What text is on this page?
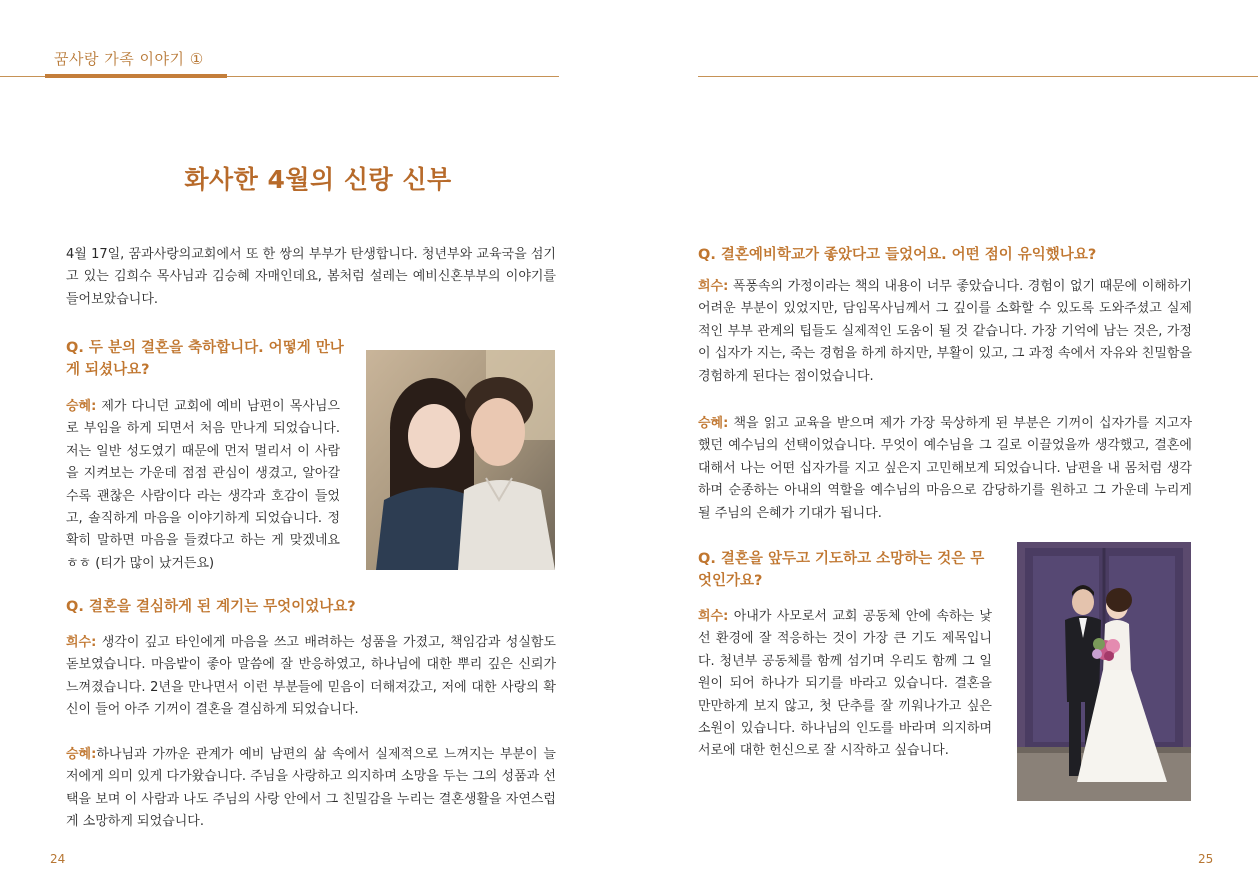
꿈사랑 가족 이야기 ①
화사한 4월의 신랑 신부
4월 17일, 꿈과사랑의교회에서 또 한 쌍의 부부가 탄생합니다. 청년부와 교육국을 섬기고 있는 김희수 목사님과 김승혜 자매인데요, 봄처럼 설레는 예비신혼부부의 이야기를 들어보았습니다.
Q. 두 분의 결혼을 축하합니다. 어떻게 만나게 되셨나요?
승혜: 제가 다니던 교회에 예비 남편이 목사님으로 부임을 하게 되면서 처음 만나게 되었습니다. 저는 일반 성도였기 때문에 먼저 멀리서 이 사람을 지켜보는 가운데 점점 관심이 생겼고, 알아갈수록 괜찮은 사람이다 라는 생각과 호감이 들었고, 솔직하게 마음을 이야기하게 되었습니다. 정확히 말하면 마음을 들켰다고 하는 게 맞겠네요 ㅎㅎ (티가 많이 났거든요)
Q. 결혼을 결심하게 된 계기는 무엇이었나요?
희수: 생각이 깊고 타인에게 마음을 쓰고 배려하는 성품을 가졌고, 책임감과 성실함도 돋보였습니다. 마음밭이 좋아 말씀에 잘 반응하였고, 하나님에 대한 뿌리 깊은 신뢰가 느껴졌습니다. 2년을 만나면서 이런 부분들에 믿음이 더해져갔고, 저에 대한 사랑의 확신이 들어 아주 기꺼이 결혼을 결심하게 되었습니다.
승혜:하나님과 가까운 관계가 예비 남편의 삶 속에서 실제적으로 느껴지는 부분이 늘 저에게 의미 있게 다가왔습니다. 주님을 사랑하고 의지하며 소망을 두는 그의 성품과 선택을 보며 이 사람과 나도 주님의 사랑 안에서 그 친밀감을 누리는 결혼생활을 자연스럽게 소망하게 되었습니다.
24
Q. 결혼예비학교가 좋았다고 들었어요. 어떤 점이 유익했나요?
희수: 폭풍속의 가정이라는 책의 내용이 너무 좋았습니다. 경험이 없기 때문에 이해하기 어려운 부분이 있었지만, 담임목사님께서 그 깊이를 소화할 수 있도록 도와주셨고 실제적인 부부 관계의 팁들도 실제적인 도움이 될 것 같습니다. 가장 기억에 남는 것은, 가정이 십자가 지는, 죽는 경험을 하게 하지만, 부활이 있고, 그 과정 속에서 자유와 친밀함을 경험하게 된다는 점이었습니다.
승혜: 책을 읽고 교육을 받으며 제가 가장 묵상하게 된 부분은 기꺼이 십자가를 지고자 했던 예수님의 선택이었습니다. 무엇이 예수님을 그 길로 이끌었을까 생각했고, 결혼에 대해서 나는 어떤 십자가를 지고 싶은지 고민해보게 되었습니다. 남편을 내 몸처럼 생각하며 순종하는 아내의 역할을 예수님의 마음으로 감당하기를 원하고 그 가운데 누리게 될 주님의 은혜가 기대가 됩니다.
Q. 결혼을 앞두고 기도하고 소망하는 것은 무엇인가요?
희수: 아내가 사모로서 교회 공동체 안에 속하는 낯선 환경에 잘 적응하는 것이 가장 큰 기도 제목입니다. 청년부 공동체를 함께 섬기며 우리도 함께 그 일원이 되어 하나가 되기를 바라고 있습니다. 결혼을 만만하게 보지 않고, 첫 단추를 잘 끼워나가고 싶은 소원이 있습니다. 하나님의 인도를 바라며 의지하며 서로에 대한 헌신으로 잘 시작하고 싶습니다.
25
